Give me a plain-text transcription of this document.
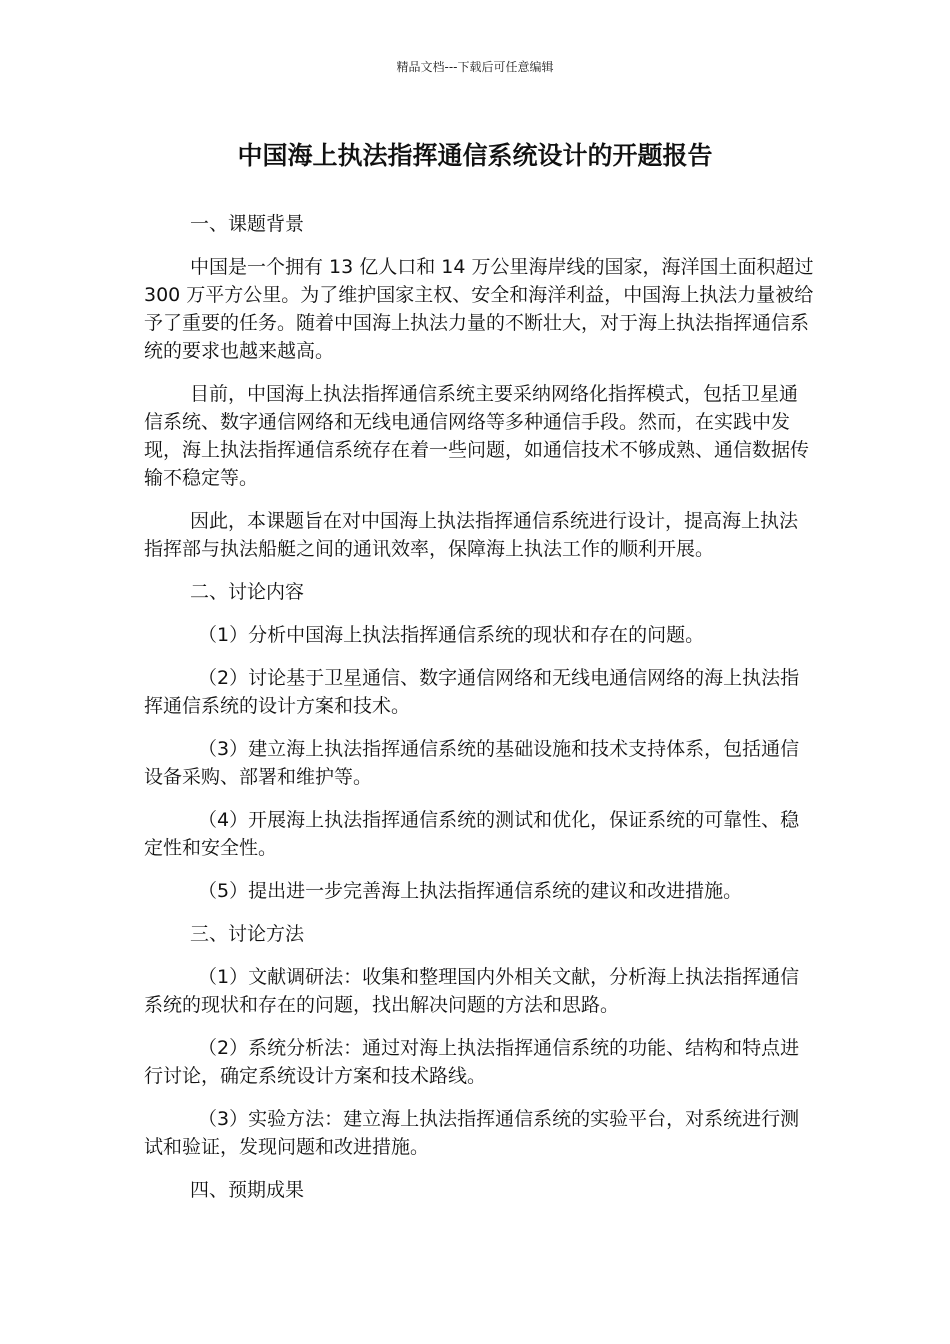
精品文档---下载后可任意编辑
中国海上执法指挥通信系统设计的开题报告

一、课题背景

中国是一个拥有 13 亿人口和 14 万公里海岸线的国家，海洋国土面积超过 300 万平方公里。为了维护国家主权、安全和海洋利益，中国海上执法力量被给予了重要的任务。随着中国海上执法力量的不断壮大，对于海上执法指挥通信系统的要求也越来越高。

目前，中国海上执法指挥通信系统主要采纳网络化指挥模式，包括卫星通信系统、数字通信网络和无线电通信网络等多种通信手段。然而，在实践中发现，海上执法指挥通信系统存在着一些问题，如通信技术不够成熟、通信数据传输不稳定等。

因此，本课题旨在对中国海上执法指挥通信系统进行设计，提高海上执法指挥部与执法船艇之间的通讯效率，保障海上执法工作的顺利开展。

二、讨论内容

（1）分析中国海上执法指挥通信系统的现状和存在的问题。

（2）讨论基于卫星通信、数字通信网络和无线电通信网络的海上执法指挥通信系统的设计方案和技术。

（3）建立海上执法指挥通信系统的基础设施和技术支持体系，包括通信设备采购、部署和维护等。

（4）开展海上执法指挥通信系统的测试和优化，保证系统的可靠性、稳定性和安全性。

（5）提出进一步完善海上执法指挥通信系统的建议和改进措施。

三、讨论方法

（1）文献调研法：收集和整理国内外相关文献，分析海上执法指挥通信系统的现状和存在的问题，找出解决问题的方法和思路。

（2）系统分析法：通过对海上执法指挥通信系统的功能、结构和特点进行讨论，确定系统设计方案和技术路线。

（3）实验方法：建立海上执法指挥通信系统的实验平台，对系统进行测试和验证，发现问题和改进措施。

四、预期成果
